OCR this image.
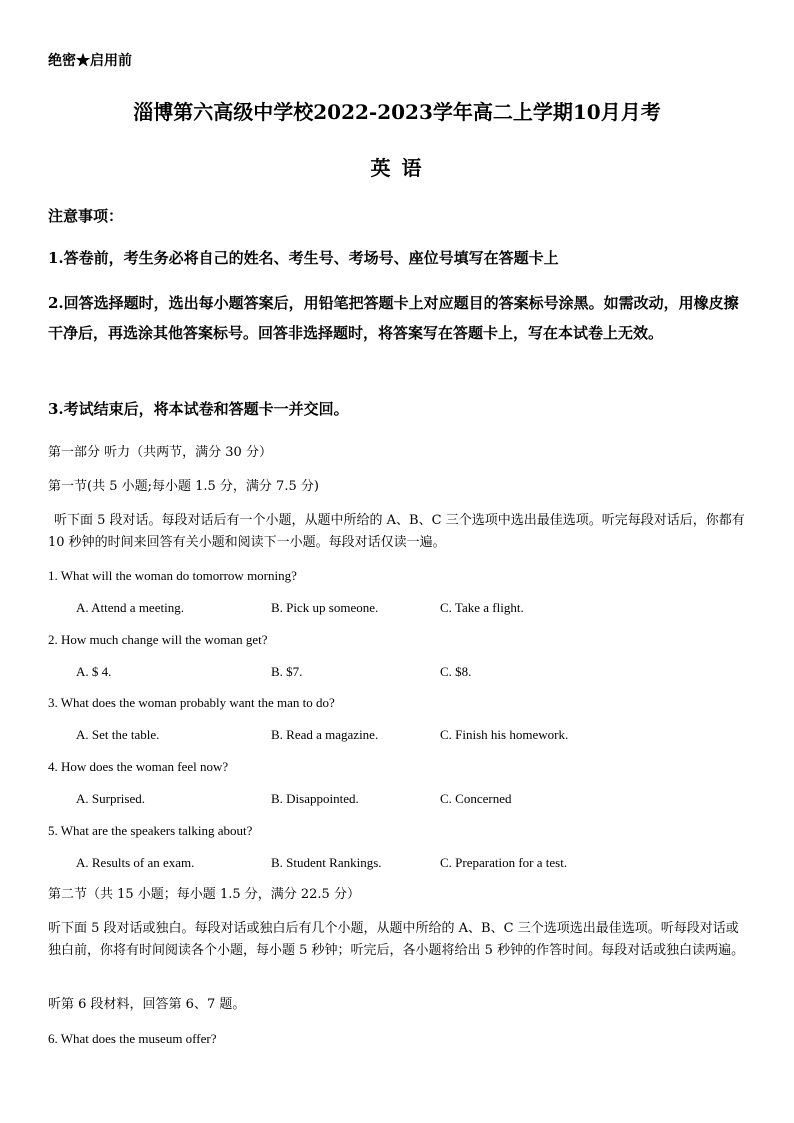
绝密★启用前
淄博第六高级中学校2022-2023学年高二上学期10月月考
英 语
注意事项：
1.答卷前，考生务必将自己的姓名、考生号、考场号、座位号填写在答题卡上
2.回答选择题时，选出每小题答案后，用铅笔把答题卡上对应题目的答案标号涂黑。如需改动，用橡皮擦干净后，再选涂其他答案标号。回答非选择题时，将答案写在答题卡上，写在本试卷上无效。
3.考试结束后，将本试卷和答题卡一并交回。
第一部分 听力（共两节，满分 30 分）
第一节(共 5 小题;每小题 1.5 分，满分 7.5 分)
听下面 5 段对话。每段对话后有一个小题，从题中所给的 A、B、C 三个选项中选出最佳选项。听完每段对话后，你都有 10 秒钟的时间来回答有关小题和阅读下一小题。每段对话仅读一遍。
1. What will the woman do tomorrow morning?
A. Attend a meeting.	B. Pick up someone.	C. Take a flight.
2. How much change will the woman get?
A. $ 4.	B. $7.	C. $8.
3. What does the woman probably want the man to do?
A. Set the table.	B. Read a magazine.	C. Finish his homework.
4. How does the woman feel now?
A. Surprised.	B. Disappointed.	C. Concerned
5. What are the speakers talking about?
A. Results of an exam.	B. Student Rankings.	C. Preparation for a test.
第二节（共 15 小题；每小题 1.5 分，满分 22.5 分）
听下面 5 段对话或独白。每段对话或独白后有几个小题，从题中所给的 A、B、C 三个选项选出最佳选项。听每段对话或独白前，你将有时间阅读各个小题，每小题 5 秒钟；听完后，各小题将给出 5 秒钟的作答时间。每段对话或独白读两遍。
听第 6 段材料，回答第 6、7 题。
6. What does the museum offer?
